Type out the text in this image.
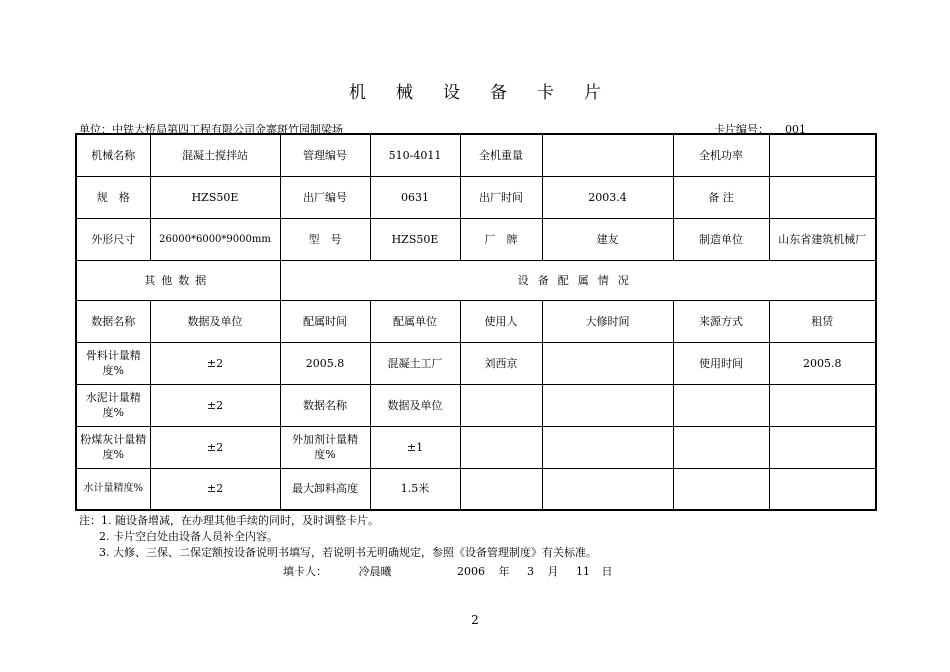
机械设备卡片
单位：中铁大桥局第四工程有限公司金寨斑竹园制梁场	卡片编号： 001
机械名称	混凝土搅拌站	管理编号	510-4011	全机重量		全机功率	
规　格	HZS50E	出厂编号	0631	出厂时间	2003.4	备 注	
外形尺寸	26000*6000*9000mm	型　号	HZS50E	厂　牌	建友	制造单位	山东省建筑机械厂
其他数据		设备配属情况					
数据名称	数据及单位	配属时间	配属单位	使用人	大修时间	来源方式	租赁
骨料计量精度%	±2	2005.8	混凝土工厂	刘西京		使用时间	2005.8
水泥计量精度%	±2	数据名称	数据及单位				
粉煤灰计量精度%	±2	外加剂计量精度%	±1				
水计量精度%	±2	最大卸料高度	1.5米				
注：1. 随设备增减，在办理其他手续的同时，及时调整卡片。
2. 卡片空白处由设备人员补全内容。
3. 大修、三保、二保定额按设备说明书填写，若说明书无明确规定，参照《设备管理制度》有关标准。
填卡人：	冷晨曦	2006 年 3 月 11 日
2
